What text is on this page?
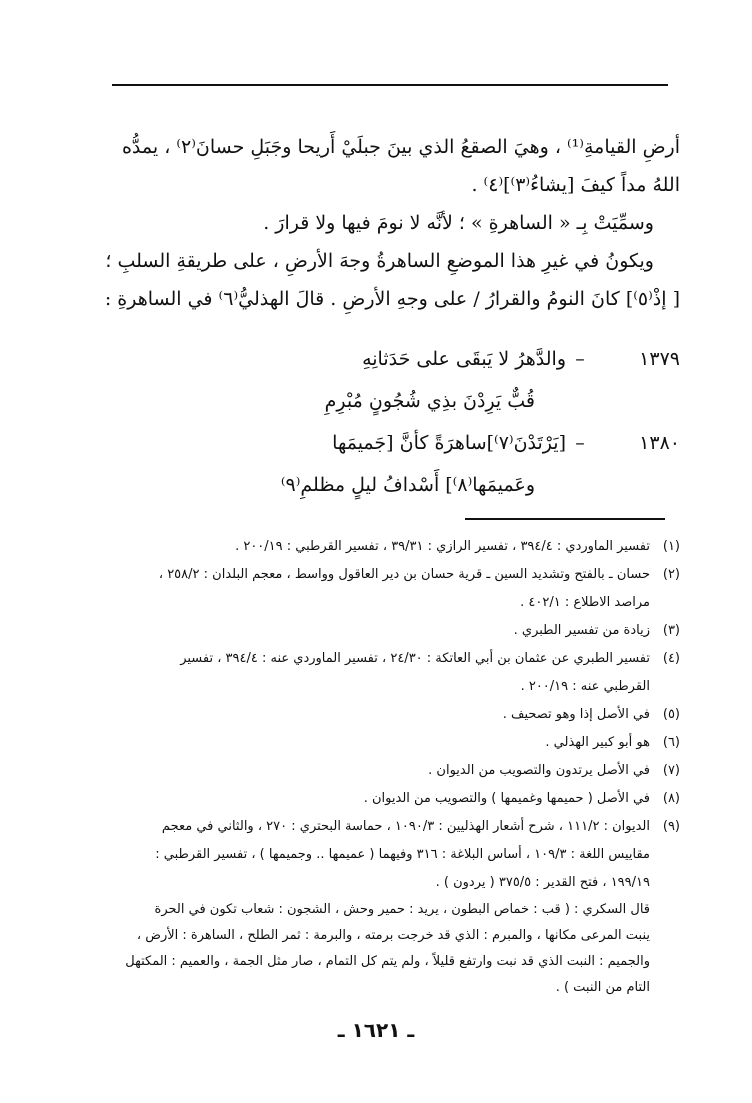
أرضِ القيامةِ⁽¹⁾ ، وهيَ الصقعُ الذي بينَ جبلَيْ أَريحا وجَبَلِ حسانَ⁽٢⁾ ، يمدُّه
اللهُ مداً كيفَ [يشاءُ⁽٣⁾]⁽٤⁾ .
وسمِّيَتْ بِـ « الساهرةِ » ؛ لأنَّه لا نومَ فيها ولا قرارَ .
ويكونُ في غيرِ هذا الموضعِ الساهرةُ وجهَ الأرضِ ، على طريقةِ السلبِ ؛
[ إذْ⁽٥⁾] كانَ النومُ والقرارُ / على وجهِ الأرضِ . قالَ الهذليُّ⁽٦⁾ في الساهرةِ :
١٣٧٩
–
والدَّهرُ لا يَبقَى على حَدَثانِهِ
قُبٌّ يَرِدْنَ بذِي شُجُونٍ مُبْرِمِ
١٣٨٠
–
[يَرْتَدْنَ⁽٧⁾]ساهرَةً كأنَّ [جَميمَها
وعَميمَها⁽٨⁾] أَسْدافُ ليلٍ مظلمِ⁽٩⁾
(١)
تفسير الماوردي : ٣٩٤/٤ ، تفسير الرازي : ٣٩/٣١ ، تفسير القرطبي : ٢٠٠/١٩ .
(٢)
حسان ـ بالفتح وتشديد السين ـ قرية حسان بن دير العاقول وواسط ، معجم البلدان : ٢٥٨/٢ ،
مراصد الاطلاع : ٤٠٢/١ .
(٣)
زيادة من تفسير الطبري .
(٤)
تفسير الطبري عن عثمان بن أبي العاتكة : ٢٤/٣٠ ، تفسير الماوردي عنه : ٣٩٤/٤ ، تفسير
القرطبي عنه : ٢٠٠/١٩ .
(٥)
في الأصل إذا وهو تصحيف .
(٦)
هو أبو كبير الهذلي .
(٧)
في الأصل يرتدون والتصويب من الديوان .
(٨)
في الأصل ( حميمها وغميمها ) والتصويب من الديوان .
(٩)
الديوان : ١١١/٢ ، شرح أشعار الهذليين : ١٠٩٠/٣ ، حماسة البحتري : ٢٧٠ ، والثاني في معجم
مقاييس اللغة : ١٠٩/٣ ، أساس البلاغة : ٣١٦ وفيهما ( عميمها .. وجميمها ) ، تفسير القرطبي :
١٩٩/١٩ ، فتح القدير : ٣٧٥/٥ ( يردون ) .
قال السكري : ( قب : خماص البطون ، يريد : حمير وحش ، الشجون : شعاب تكون في الحرة
ينبت المرعى مكانها ، والمبرم : الذي قد خرجت برمته ، والبرمة : ثمر الطلح ، الساهرة : الأرض ،
والجميم : النبت الذي قد نبت وارتفع قليلاً ، ولم يتم كل التمام ، صار مثل الجمة ، والعميم : المكتهل
التام من النبت ) .
ـ ١٦٢١ ـ
